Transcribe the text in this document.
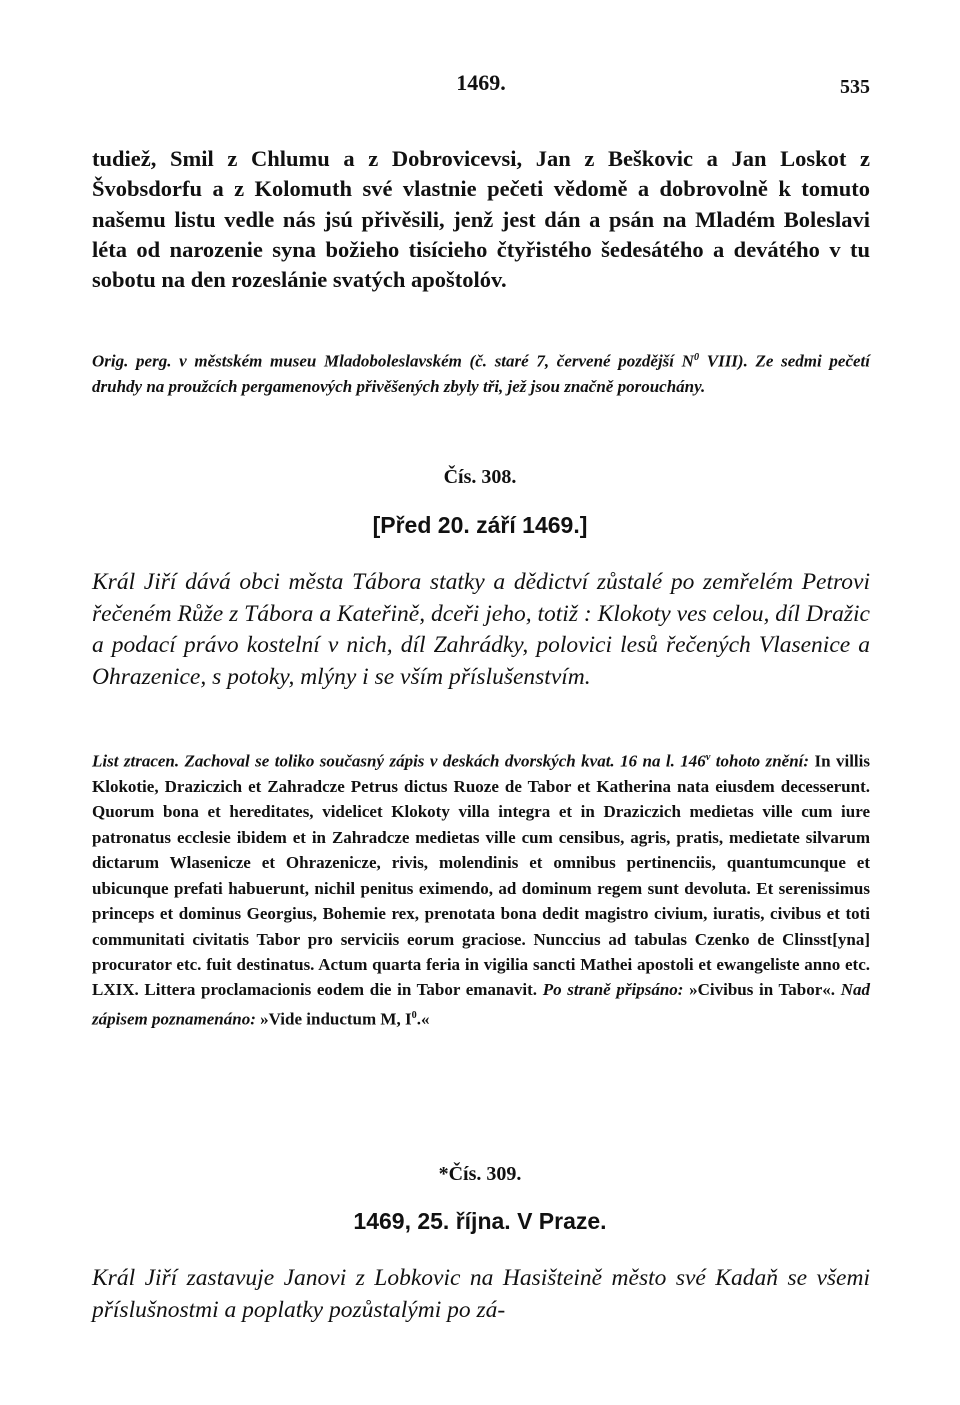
1469.	535

tudiež, Smil z Chlumu a z Dobrovicevsi, Jan z Beškovic a Jan Loskot z Švobsdorfu a z Kolomuth své vlastnie pečeti vědomě a dobrovolně k tomuto našemu listu vedle nás jsú přivěsili, jenž jest dán a psán na Mladém Boleslavi léta od narozenie syna božieho tisícieho čtyřistého šedesátého a devátého v tu sobotu na den rozeslánie svatých apoštolóv.

Orig. perg. v městském museu Mladoboleslavském (č. staré 7, červené pozdější $N^0$ VIII). Ze sedmi pečetí druhdy na proužcích pergamenových přivěšených zbyly tři, jež jsou značně porouchány.

Čís. 308.

[Před 20. září 1469.]

Král Jiří dává obci města Tábora statky a dědictví zůstalé po zemřelém Petrovi řečeném Růže z Tábora a Kateřině, dceři jeho, totiž : Klokoty ves celou, díl Dražic a podací právo kostelní v nich, díl Zahrádky, polovici lesů řečených Vlasenice a Ohrazenice, s potoky, mlýny i se vším příslušenstvím.

List ztracen. Zachoval se toliko současný zápis v deskách dvorských kvat. 16 na l. 146$^v$ tohoto znění: In villis Klokotie, Draziczich et Zahradcze Petrus dictus Ruoze de Tabor et Katherina nata eiusdem decesserunt. Quorum bona et hereditates, videlicet Klokoty villa integra et in Draziczich medietas ville cum iure patronatus ecclesie ibidem et in Zahradcze medietas ville cum censibus, agris, pratis, medietate silvarum dictarum Wlasenicze et Ohrazenicze, rivis, molendinis et omnibus pertinenciis, quantumcunque et ubicunque prefati habuerunt, nichil penitus eximendo, ad dominum regem sunt devoluta. Et serenissimus princeps et dominus Georgius, Bohemie rex, prenotata bona dedit magistro civium, iuratis, civibus et toti communitati civitatis Tabor pro serviciis eorum graciose. Nunccius ad tabulas Czenko de Clinsst[yna] procurator etc. fuit destinatus. Actum quarta feria in vigilia sancti Mathei apostoli et ewangeliste anno etc. LXIX. Littera proclamacionis eodem die in Tabor emanavit. Po straně připsáno: »Civibus in Tabor«. Nad zápisem poznamenáno: »Vide inductum M, $I^0.«$

*Čís. 309.

1469, 25. října. V Praze.

Král Jiří zastavuje Janovi z Lobkovic na Hasišteině město své Kadaň se všemi příslušnostmi a poplatky pozůstalými po zá-
